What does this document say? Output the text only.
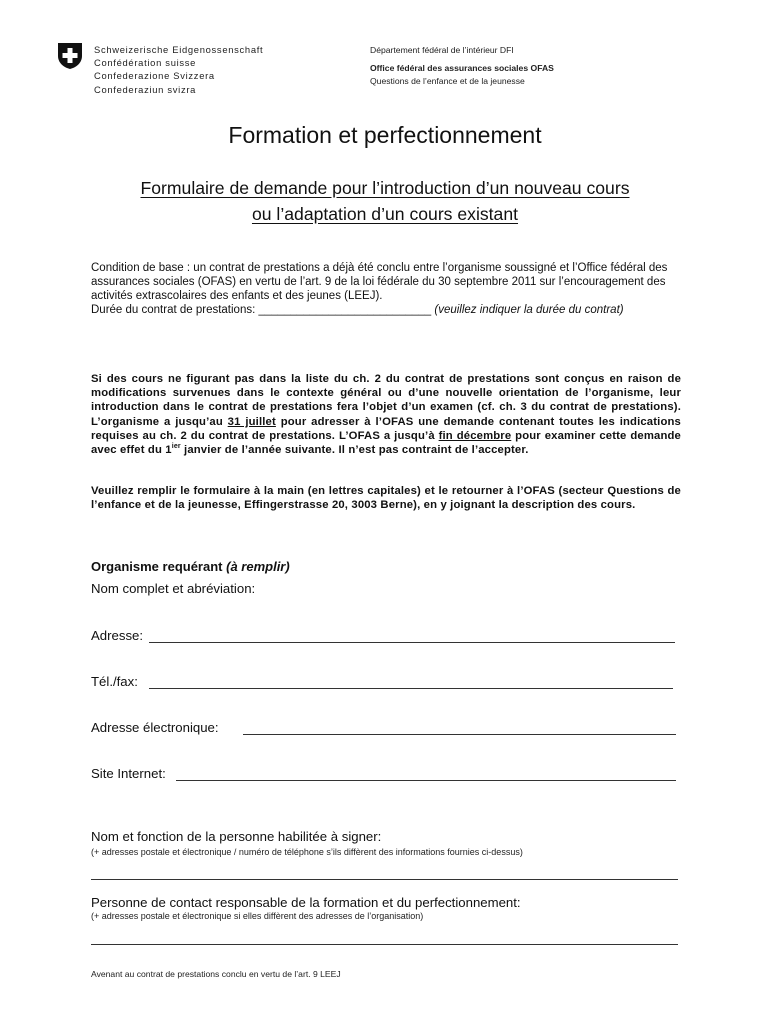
Schweizerische Eidgenossenschaft
Confédération suisse
Confederazione Svizzera
Confederaziun svizra
Département fédéral de l’intérieur DFI
Office fédéral des assurances sociales OFAS
Questions de l’enfance et de la jeunesse
Formation et perfectionnement
Formulaire de demande pour l’introduction d’un nouveau cours
ou l’adaptation d’un cours existant
Condition de base : un contrat de prestations a déjà été conclu entre l’organisme soussigné et l’Office fédéral des assurances sociales (OFAS) en vertu de l’art. 9 de la loi fédérale du 30 septembre 2011 sur l’encouragement des activités extrascolaires des enfants et des jeunes (LEEJ).
Durée du contrat de prestations: ___________________________ (veuillez indiquer la durée du contrat)
Si des cours ne figurant pas dans la liste du ch. 2 du contrat de prestations sont conçus en raison de modifications survenues dans le contexte général ou d’une nouvelle orientation de l’organisme, leur introduction dans le contrat de prestations fera l’objet d’un examen (cf. ch. 3 du contrat de prestations). L’organisme a jusqu’au 31 juillet pour adresser à l’OFAS une demande contenant toutes les indications requises au ch. 2 du contrat de prestations. L’OFAS a jusqu’à fin décembre pour examiner cette demande avec effet du $1^{ier}$ janvier de l’année suivante. Il n’est pas contraint de l’accepter.
Veuillez remplir le formulaire à la main (en lettres capitales) et le retourner à l’OFAS (secteur Questions de l’enfance et de la jeunesse, Effingerstrasse 20, 3003 Berne), en y joignant la description des cours.
Organisme requérant (à remplir)
Nom complet et abréviation:
Adresse:
Tél./fax:
Adresse électronique:
Site Internet:
Nom et fonction de la personne habilitée à signer:
(+ adresses postale et électronique / numéro de téléphone s’ils diffèrent des informations fournies ci-dessus)
Personne de contact responsable de la formation et du perfectionnement:
(+ adresses postale et électronique si elles diffèrent des adresses de l’organisation)
Avenant au contrat de prestations conclu en vertu de l’art. 9 LEEJ
